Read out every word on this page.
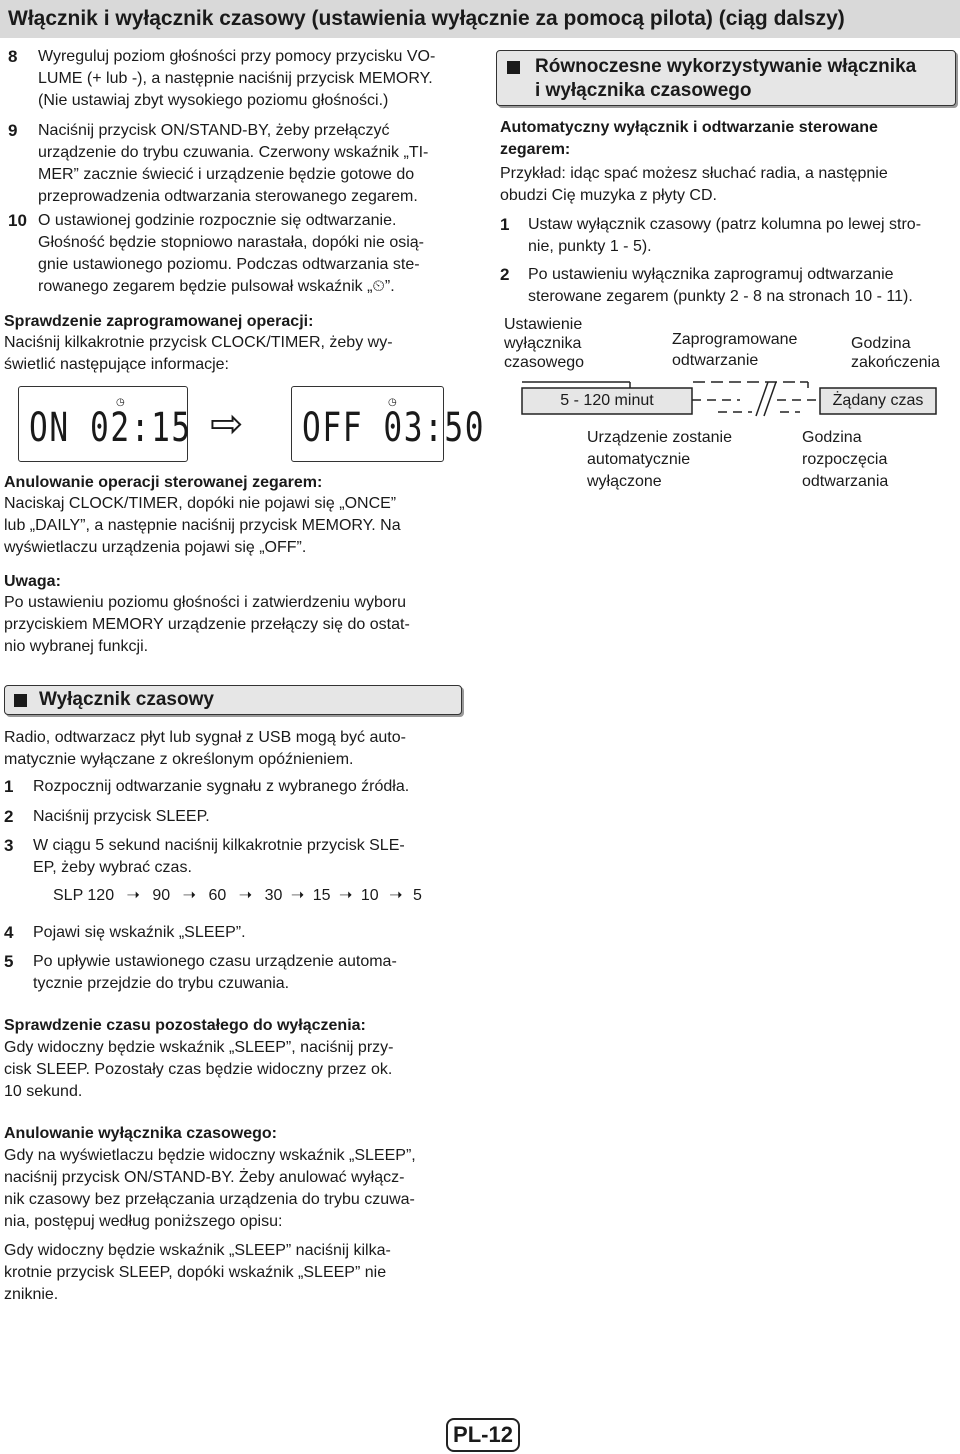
Włącznik i wyłącznik czasowy (ustawienia wyłącznie za pomocą pilota) (ciąg dalszy)
8 Wyreguluj poziom głośności przy pomocy przycisku VO-
LUME (+ lub -), a następnie naciśnij przycisk MEMORY.
(Nie ustawiaj zbyt wysokiego poziomu głośności.)
9 Naciśnij przycisk ON/STAND-BY, żeby przełączyć
urządzenie do trybu czuwania. Czerwony wskaźnik „TI-
MER” zacznie świecić i urządzenie będzie gotowe do
przeprowadzenia odtwarzania sterowanego zegarem.
10 O ustawionej godzinie rozpocznie się odtwarzanie.
Głośność będzie stopniowo narastała, dopóki nie osią-
gnie ustawionego poziomu. Podczas odtwarzania ste-
rowanego zegarem będzie pulsował wskaźnik „⏲”.
Sprawdzenie zaprogramowanej operacji:
Naciśnij kilkakrotnie przycisk CLOCK/TIMER, żeby wy-
świetlić następujące informacje:
◷
ON 02:15 ⇨	◷
OFF 03:50
Anulowanie operacji sterowanej zegarem:
Naciskaj CLOCK/TIMER, dopóki nie pojawi się „ONCE”
lub „DAILY”, a następnie naciśnij przycisk MEMORY. Na
wyświetlaczu urządzenia pojawi się „OFF”.
Uwaga:
Po ustawieniu poziomu głośności i zatwierdzeniu wyboru
przyciskiem MEMORY urządzenie przełączy się do ostat-
nio wybranej funkcji.
Równoczesne wykorzystywanie włącznika
i wyłącznika czasowego
Automatyczny wyłącznik i odtwarzanie sterowane
zegarem:
Przykład: idąc spać możesz słuchać radia, a następnie
obudzi Cię muzyka z płyty CD.
1 Ustaw wyłącznik czasowy (patrz kolumna po lewej stro-
nie, punkty 1 - 5).
2 Po ustawieniu wyłącznika zaprogramuj odtwarzanie
sterowane zegarem (punkty 2 - 8 na stronach 10 - 11).
Ustawienie
wyłącznika
czasowego
Zaprogramowane
odtwarzanie
Godzina
zakończenia
5 - 120 minut	Żądany czas
Urządzenie zostanie
automatycznie
wyłączone
Godzina
rozpoczęcia
odtwarzania
Wyłącznik czasowy
Radio, odtwarzacz płyt lub sygnał z USB mogą być auto-
matycznie wyłączane z określonym opóźnieniem.
1 Rozpocznij odtwarzanie sygnału z wybranego źródła.
2 Naciśnij przycisk SLEEP.
3 W ciągu 5 sekund naciśnij kilkakrotnie przycisk SLE-
EP, żeby wybrać czas.
SLP 120 ➝ 90 ➝ 60 ➝ 30 ➝ 15 ➝ 10 ➝ 5
4 Pojawi się wskaźnik „SLEEP”.
5 Po upływie ustawionego czasu urządzenie automa-
tycznie przejdzie do trybu czuwania.
Sprawdzenie czasu pozostałego do wyłączenia:
Gdy widoczny będzie wskaźnik „SLEEP”, naciśnij przy-
cisk SLEEP. Pozostały czas będzie widoczny przez ok.
10 sekund.
Anulowanie wyłącznika czasowego:
Gdy na wyświetlaczu będzie widoczny wskaźnik „SLEEP”,
naciśnij przycisk ON/STAND-BY. Żeby anulować wyłącz-
nik czasowy bez przełączania urządzenia do trybu czuwa-
nia, postępuj według poniższego opisu:
Gdy widoczny będzie wskaźnik „SLEEP” naciśnij kilka-
krotnie przycisk SLEEP, dopóki wskaźnik „SLEEP” nie
zniknie.
PL-12
